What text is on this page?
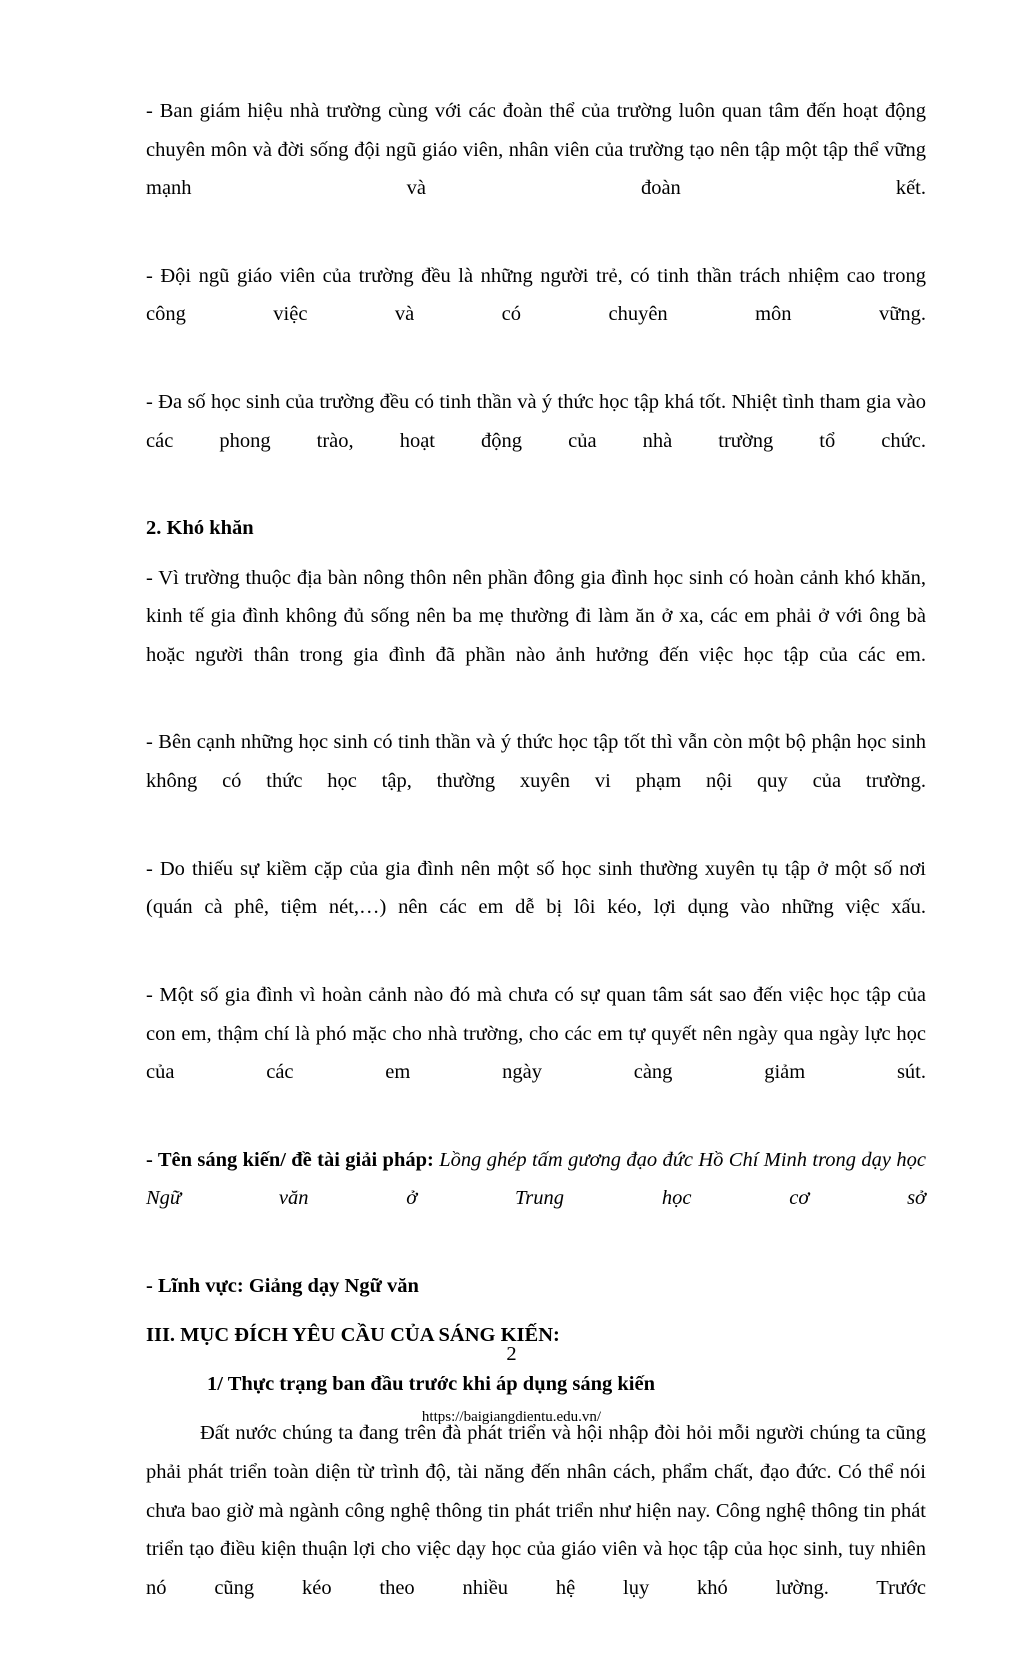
- Ban giám hiệu nhà trường cùng với các đoàn thể của trường luôn quan tâm đến hoạt động chuyên môn và đời sống đội ngũ giáo viên, nhân viên của trường tạo nên tập một tập thể vững mạnh và đoàn kết.

- Đội ngũ giáo viên của trường đều là những người trẻ, có tinh thần trách nhiệm cao trong công việc và có chuyên môn vững.

- Đa số học sinh của trường đều có tinh thần và ý thức học tập khá tốt. Nhiệt tình tham gia vào các phong trào, hoạt động của nhà trường tổ chức.

2. Khó khăn

- Vì trường thuộc địa bàn nông thôn nên phần đông gia đình học sinh có hoàn cảnh khó khăn, kinh tế gia đình không đủ sống nên ba mẹ thường đi làm ăn ở xa, các em phải ở với ông bà hoặc người thân trong gia đình đã phần nào ảnh hưởng đến việc học tập của các em.

- Bên cạnh những học sinh có tinh thần và ý thức học tập tốt thì vẫn còn một bộ phận học sinh không có thức học tập, thường xuyên vi phạm nội quy của trường.

- Do thiếu sự kiềm cặp của gia đình nên một số học sinh thường xuyên tụ tập ở một số nơi (quán cà phê, tiệm nét,…) nên các em dễ bị lôi kéo, lợi dụng vào những việc xấu.

- Một số gia đình vì hoàn cảnh nào đó mà chưa có sự quan tâm sát sao đến việc học tập của con em, thậm chí là phó mặc cho nhà trường, cho các em tự quyết nên ngày qua ngày lực học của các em ngày càng giảm sút.

- Tên sáng kiến/ đề tài giải pháp: Lồng ghép tấm gương đạo đức Hồ Chí Minh trong dạy học Ngữ văn ở Trung học cơ sở

- Lĩnh vực: Giảng dạy Ngữ văn

III. MỤC ĐÍCH YÊU CẦU CỦA SÁNG KIẾN:

1/ Thực trạng ban đầu trước khi áp dụng sáng kiến

Đất nước chúng ta đang trên đà phát triển và hội nhập đòi hỏi mỗi người chúng ta cũng phải phát triển toàn diện từ trình độ, tài năng đến nhân cách, phẩm chất, đạo đức. Có thể nói chưa bao giờ mà ngành công nghệ thông tin phát triển như hiện nay. Công nghệ thông tin phát triển tạo điều kiện thuận lợi cho việc dạy học của giáo viên và học tập của học sinh, tuy nhiên nó cũng kéo theo nhiều hệ lụy khó lường. Trước

2
https://baigiangdientu.edu.vn/
